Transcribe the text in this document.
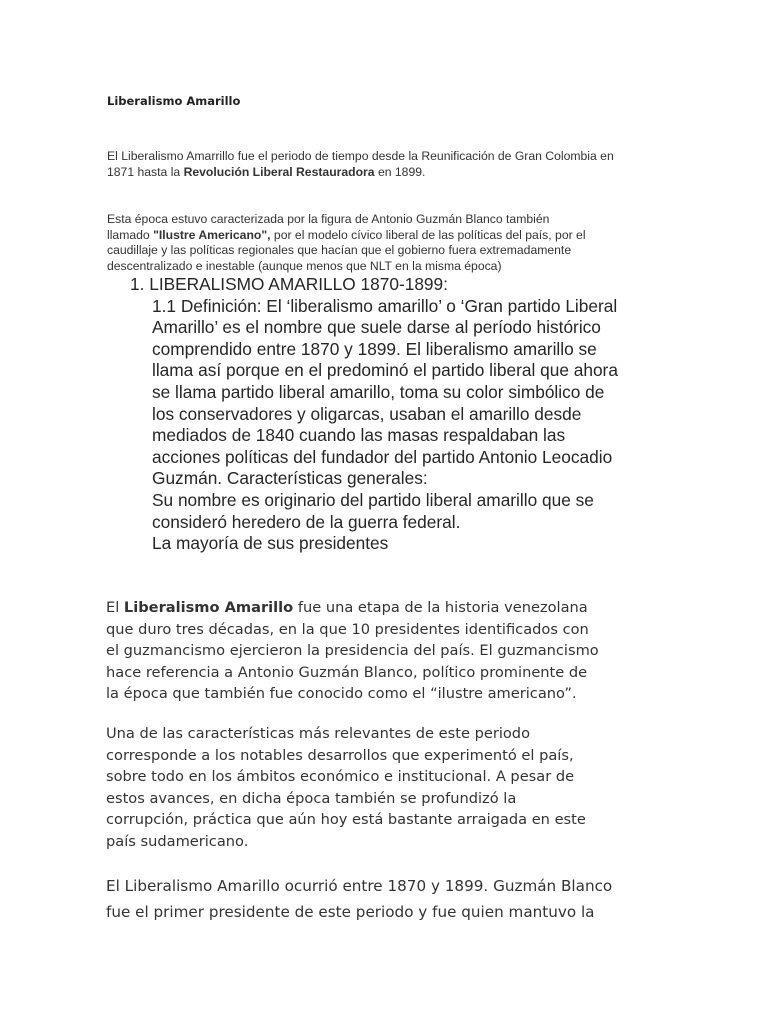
Liberalismo Amarillo

El Liberalismo Amarrillo fue el periodo de tiempo desde la Reunificación de Gran Colombia en
1871 hasta la Revolución Liberal Restauradora en 1899.

Esta época estuvo caracterizada por la figura de Antonio Guzmán Blanco también
llamado "Ilustre Americano", por el modelo cívico liberal de las políticas del país, por el
caudillaje y las políticas regionales que hacían que el gobierno fuera extremadamente
descentralizado e inestable (aunque menos que NLT en la misma época)

1. LIBERALISMO AMARILLO 1870-1899:
1.1 Definición: El ‘liberalismo amarillo’ o ‘Gran partido Liberal
Amarillo’ es el nombre que suele darse al período histórico
comprendido entre 1870 y 1899. El liberalismo amarillo se
llama así porque en el predominó el partido liberal que ahora
se llama partido liberal amarillo, toma su color simbólico de
los conservadores y oligarcas, usaban el amarillo desde
mediados de 1840 cuando las masas respaldaban las
acciones políticas del fundador del partido Antonio Leocadio
Guzmán. Características generales:
Su nombre es originario del partido liberal amarillo que se
consideró heredero de la guerra federal.
La mayoría de sus presidentes

El Liberalismo Amarillo fue una etapa de la historia venezolana
que duro tres décadas, en la que 10 presidentes identificados con
el guzmancismo ejercieron la presidencia del país. El guzmancismo
hace referencia a Antonio Guzmán Blanco, político prominente de
la época que también fue conocido como el “ilustre americano”.

Una de las características más relevantes de este periodo
corresponde a los notables desarrollos que experimentó el país,
sobre todo en los ámbitos económico e institucional. A pesar de
estos avances, en dicha época también se profundizó la
corrupción, práctica que aún hoy está bastante arraigada en este
país sudamericano.

El Liberalismo Amarillo ocurrió entre 1870 y 1899. Guzmán Blanco
fue el primer presidente de este periodo y fue quien mantuvo la
